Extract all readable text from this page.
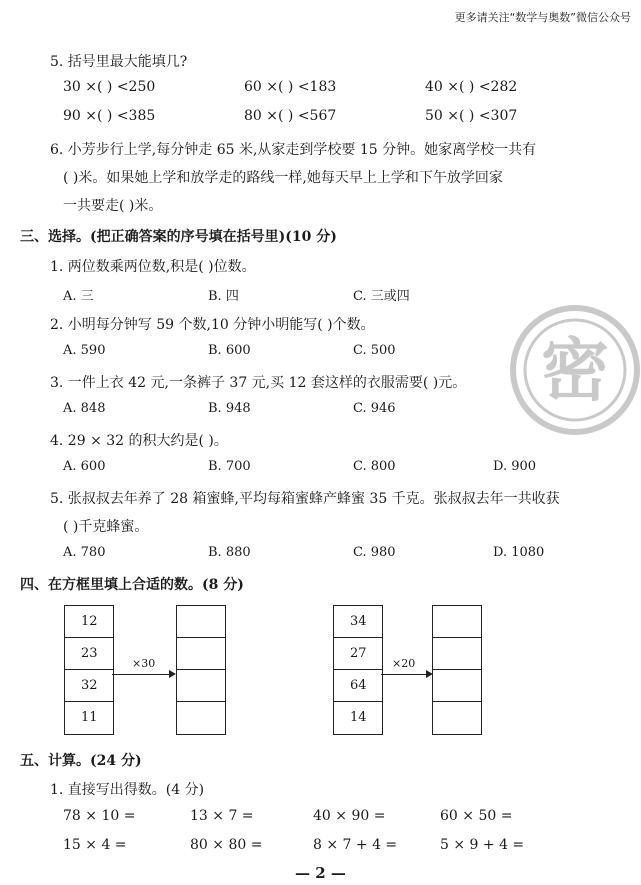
更多请关注“数学与奥数”微信公众号
5. 括号里最大能填几?
30 ×( ) <250	60 ×( ) <183	40 ×( ) <282
90 ×( ) <385	80 ×( ) <567	50 ×( ) <307
6. 小芳步行上学,每分钟走 65 米,从家走到学校要 15 分钟。她家离学校一共有
( )米。如果她上学和放学走的路线一样,她每天早上上学和下午放学回家
一共要走( )米。
三、选择。(把正确答案的序号填在括号里)(10 分)
1. 两位数乘两位数,积是( )位数。
A. 三	B. 四	C. 三或四
2. 小明每分钟写 59 个数,10 分钟小明能写( )个数。
A. 590	B. 600	C. 500
3. 一件上衣 42 元,一条裤子 37 元,买 12 套这样的衣服需要( )元。
A. 848	B. 948	C. 946
4. 29 × 32 的积大约是( )。
A. 600	B. 700	C. 800	D. 900
5. 张叔叔去年养了 28 箱蜜蜂,平均每箱蜜蜂产蜂蜜 35 千克。张叔叔去年一共收获
( )千克蜂蜜。
A. 780	B. 880	C. 980	D. 1080
密
四、在方框里填上合适的数。(8 分)
12
23
32
11
×30
34
27
64
14
×20
五、计算。(24 分)
1. 直接写出得数。(4 分)
78 × 10 =	13 × 7 =	40 × 90 =	60 × 50 =
15 × 4 =	80 × 80 =	8 × 7 + 4 =	5 × 9 + 4 =
— 2 —
